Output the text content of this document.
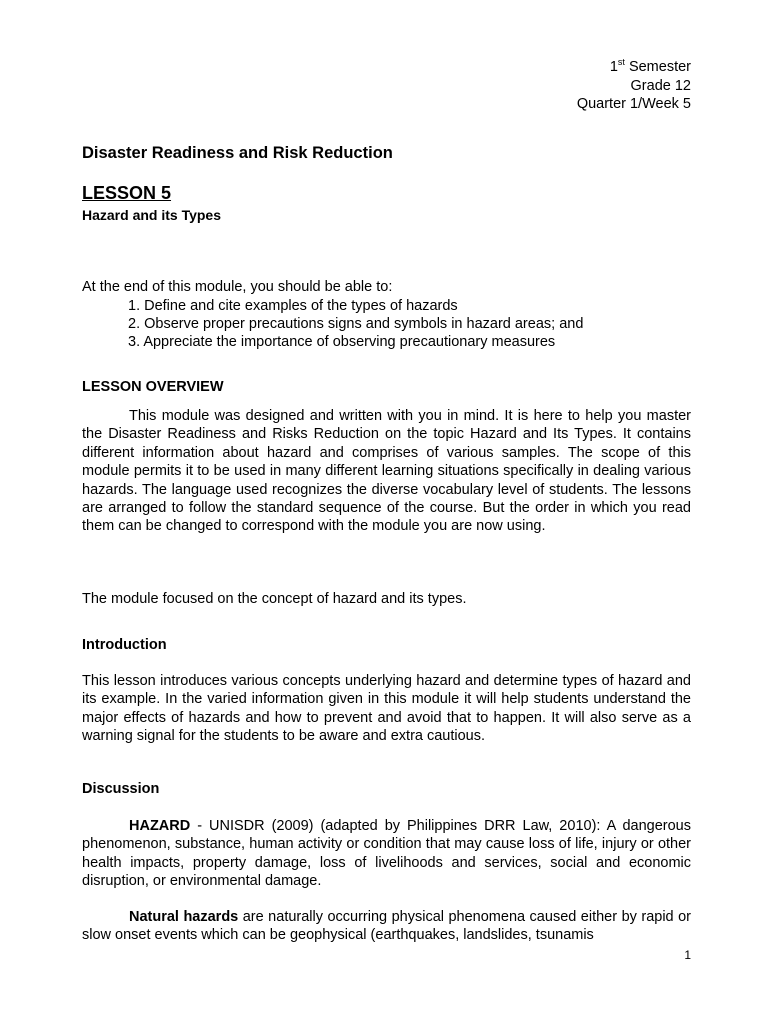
1st Semester
Grade 12
Quarter 1/Week 5
Disaster Readiness and Risk Reduction
LESSON 5
Hazard and its Types
At the end of this module, you should be able to:
1. Define and cite examples of the types of hazards
2. Observe proper precautions signs and symbols in hazard areas; and
3. Appreciate the importance of observing precautionary measures
LESSON OVERVIEW

This module was designed and written with you in mind. It is here to help you master the Disaster Readiness and Risks Reduction on the topic Hazard and Its Types. It contains different information about hazard and comprises of various samples. The scope of this module permits it to be used in many different learning situations specifically in dealing various hazards. The language used recognizes the diverse vocabulary level of students. The lessons are arranged to follow the standard sequence of the course. But the order in which you read them can be changed to correspond with the module you are now using.

The module focused on the concept of hazard and its types.

Introduction

This lesson introduces various concepts underlying hazard and determine types of hazard and its example. In the varied information given in this module it will help students understand the major effects of hazards and how to prevent and avoid that to happen. It will also serve as a warning signal for the students to be aware and extra cautious.

Discussion

HAZARD - UNISDR (2009) (adapted by Philippines DRR Law, 2010): A dangerous phenomenon, substance, human activity or condition that may cause loss of life, injury or other health impacts, property damage, loss of livelihoods and services, social and economic disruption, or environmental damage.

Natural hazards are naturally occurring physical phenomena caused either by rapid or slow onset events which can be geophysical (earthquakes, landslides, tsunamis

1
